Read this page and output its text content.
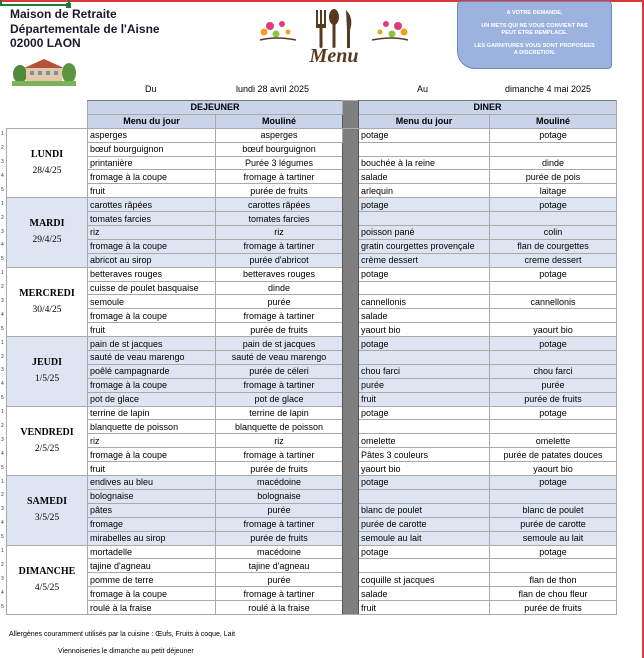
Maison de Retraite
Départementale de l'Aisne
02000 LAON
Menu
A VOTRE DEMANDE,
UN METS QUI NE VOUS CONVIENT PAS
PEUT ETRE REMPLACE.
LES GARNITURES VOUS SONT PROPOSEES
A DISCRETION.
Du	lundi 28 avril 2025	Au	dimanche 4 mai 2025
	DEJEUNER			DINER	
	Menu du jour	Mouliné		Menu du jour	Mouliné

LUNDI
28/4/25	asperges	asperges		potage	potage
	bœuf bourguignon	bœuf bourguignon			
	printanière	Purée 3 légumes		bouchée à la reine	dinde
	fromage à la coupe	fromage à tartiner		salade	purée de pois
	fruit	purée de fruits		arlequin	laitage

MARDI
29/4/25	carottes râpées	carottes râpées		potage	potage
	tomates farcies	tomates farcies			
	riz	riz		poisson pané	colin
	fromage à la coupe	fromage à tartiner		gratin courgettes provençale	flan de courgettes
	abricot au sirop	purée d'abricot		crème dessert	creme dessert

MERCREDI
30/4/25	betteraves rouges	betteraves rouges		potage	potage
	cuisse de poulet basquaise	dinde			
	semoule	purée		cannellonis	cannellonis
	fromage à la coupe	fromage à tartiner		salade	
	fruit	purée de fruits		yaourt bio	yaourt bio

JEUDI
1/5/25	pain de st jacques	pain de st jacques		potage	potage
	sauté de veau marengo	sauté de veau marengo			
	poêlé campagnarde	purée de céleri		chou farci	chou farci
	fromage à la coupe	fromage à tartiner		purée	purée
	pot de glace	pot de glace		fruit	purée de fruits

VENDREDI
2/5/25	terrine de lapin	terrine de lapin		potage	potage
	blanquette de poisson	blanquette de poisson			
	riz	riz		omelette	omelette
	fromage à la coupe	fromage à tartiner		Pâtes 3 couleurs	purée de patates douces
	fruit	purée de fruits		yaourt bio	yaourt bio

SAMEDI
3/5/25	endives au bleu	macédoine		potage	potage
	bolognaise	bolognaise			
	pâtes	purée		blanc de poulet	blanc de poulet
	fromage	fromage à tartiner		purée de carotte	purée de carotte
	mirabelles au sirop	purée de fruits		semoule au lait	semoule au lait

DIMANCHE
4/5/25	mortadelle	macédoine		potage	potage
	tajine d'agneau	tajine d'agneau			
	pomme de terre	purée		coquille st jacques	flan de thon
	fromage à la coupe	fromage à tartiner		salade	flan de chou fleur
	roulé à la fraise	roulé à la fraise		fruit	purée de fruits
Allergènes couramment utilisés par la cuisine : Œufs, Fruits à coque, Lait
Viennoiseries le dimanche au petit déjeuner
1
2
3
4
5
1
2
3
4
5
1
2
3
4
5
1
2
3
4
5
1
2
3
4
5
1
2
3
4
5
1
2
3
4
5
